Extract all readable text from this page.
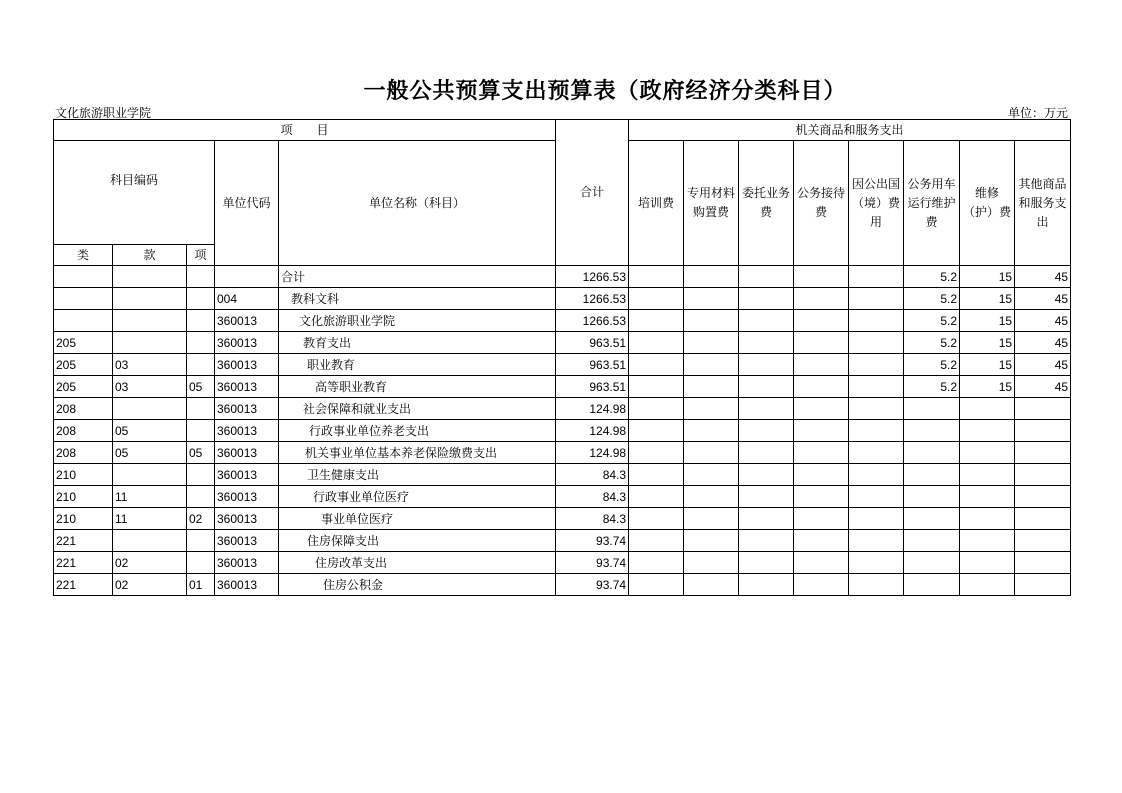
一般公共预算支出预算表（政府经济分类科目）
文化旅游职业学院	单位：万元
项　　目					合计	机关商品和服务支出							
科目编码			单位代码	单位名称（科目）		培训费	专用材料购置费	委托业务费	公务接待费	因公出国（境）费用	公务用车运行维护费	维修（护）费	其他商品和服务支出
类	款	项											
				合计	1266.53						5.2	15	45
			004	教科文科	1266.53						5.2	15	45
			360013	文化旅游职业学院	1266.53						5.2	15	45
205			360013	教育支出	963.51						5.2	15	45
205	03		360013	职业教育	963.51						5.2	15	45
205	03	05	360013	高等职业教育	963.51						5.2	15	45
208			360013	社会保障和就业支出	124.98								
208	05		360013	行政事业单位养老支出	124.98								
208	05	05	360013	机关事业单位基本养老保险缴费支出	124.98								
210			360013	卫生健康支出	84.3								
210	11		360013	行政事业单位医疗	84.3								
210	11	02	360013	事业单位医疗	84.3								
221			360013	住房保障支出	93.74								
221	02		360013	住房改革支出	93.74								
221	02	01	360013	住房公积金	93.74								
